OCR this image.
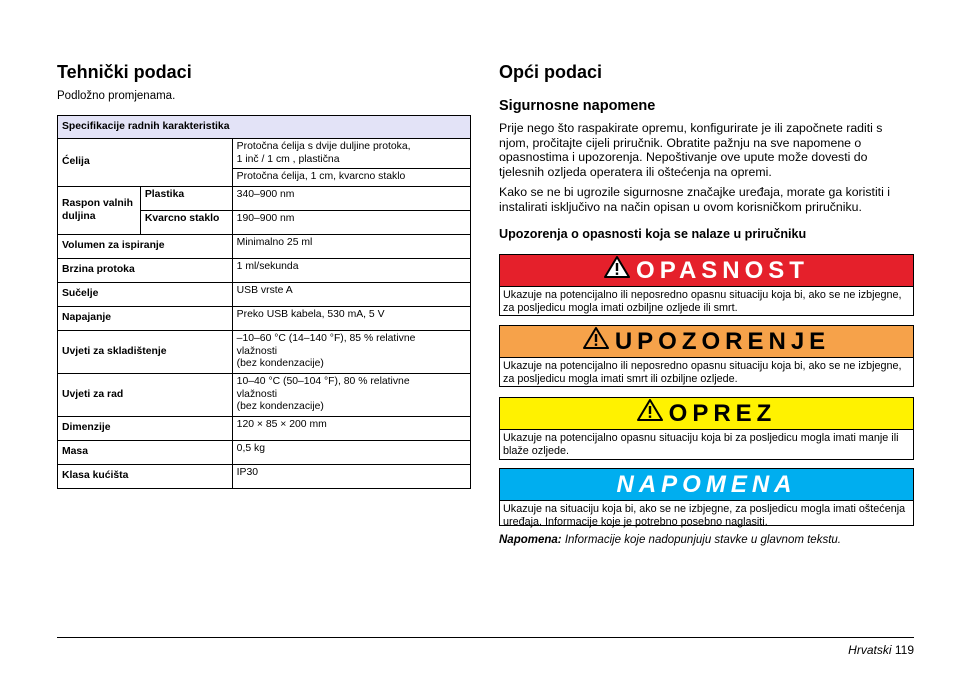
Tehnički podaci

Podložno promjenama.

Specifikacije radnih karakteristika		
Ćelija		Protočna ćelija s dvije duljine protoka,
1 inč / 1 cm , plastična
		Protočna ćelija, 1 cm, kvarcno staklo
Raspon valnih duljina	Plastika	340–900 nm
	Kvarcno staklo	190–900 nm
Volumen za ispiranje		Minimalno 25 ml
Brzina protoka		1 ml/sekunda
Sučelje		USB vrste A
Napajanje		Preko USB kabela, 530 mA, 5 V
Uvjeti za skladištenje		–10–60 °C (14–140 °F), 85 % relativne
vlažnosti
(bez kondenzacije)
Uvjeti za rad		10–40 °C (50–104 °F), 80 % relativne
vlažnosti
(bez kondenzacije)
Dimenzije		120 × 85 × 200 mm
Masa		0,5 kg
Klasa kućišta		IP30
Opći podaci
Sigurnosne napomene

Prije nego što raspakirate opremu, konfigurirate je ili započnete raditi s njom, pročitajte cijeli priručnik. Obratite pažnju na sve napomene o opasnostima i upozorenja. Nepoštivanje ove upute može dovesti do tjelesnih ozljeda operatera ili oštećenja na opremi.

Kako se ne bi ugrozile sigurnosne značajke uređaja, morate ga koristiti i instalirati isključivo na način opisan u ovom korisničkom priručniku.

Upozorenja o opasnosti koja se nalaze u priručniku
OPASNOST
Ukazuje na potencijalno ili neposredno opasnu situaciju koja bi, ako se ne izbjegne, za posljedicu mogla imati ozbiljne ozljede ili smrt.
UPOZORENJE
Ukazuje na potencijalno ili neposredno opasnu situaciju koja bi, ako se ne izbjegne, za posljedicu mogla imati smrt ili ozbiljne ozljede.
OPREZ
Ukazuje na potencijalno opasnu situaciju koja bi za posljedicu mogla imati manje ili blaže ozljede.
NAPOMENA
Ukazuje na situaciju koja bi, ako se ne izbjegne, za posljedicu mogla imati oštećenja uređaja. Informacije koje je potrebno posebno naglasiti.

Napomena: Informacije koje nadopunjuju stavke u glavnom tekstu.

Hrvatski 119
